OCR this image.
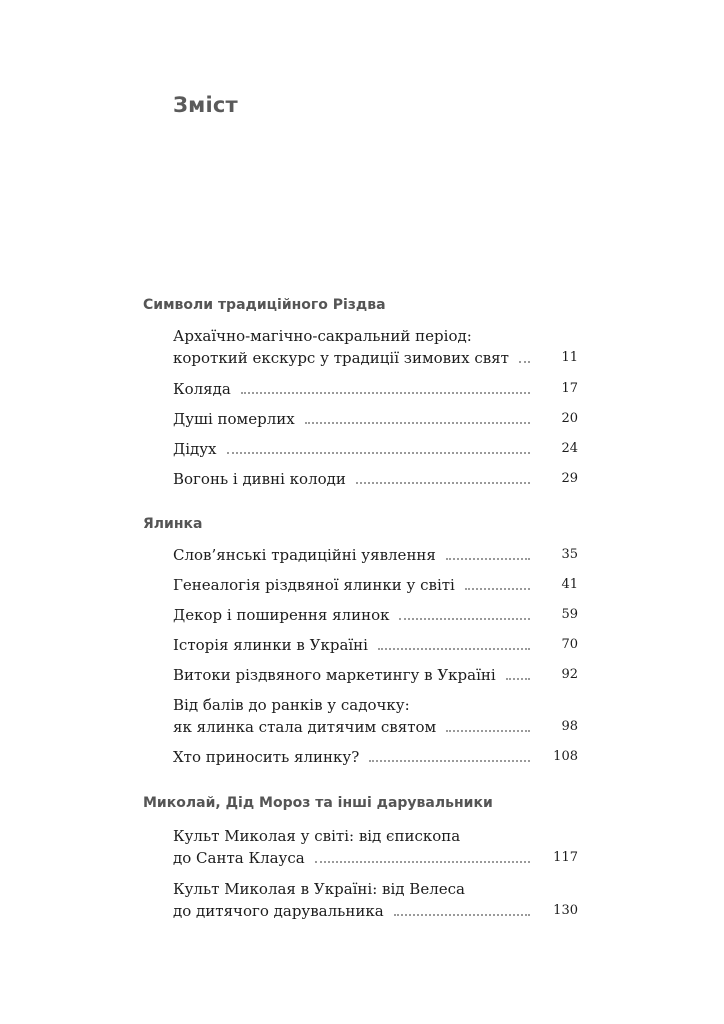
Зміст
Символи традиційного Різдва
Архаїчно-магічно-сакральний період:
короткий екскурс у традиції зимових свят	11
Коляда	17
Душі померлих	20
Дідух	24
Вогонь і дивні колоди	29
Ялинка
Слов’янські традиційні уявлення	35
Генеалогія різдвяної ялинки у світі	41
Декор і поширення ялинок	59
Історія ялинки в Україні	70
Витоки різдвяного маркетингу в Україні	92
Від балів до ранків у садочку:
як ялинка стала дитячим святом	98
Хто приносить ялинку?	108
Миколай, Дід Мороз та інші дарувальники
Культ Миколая у світі: від єпископа
до Санта Клауса	117
Культ Миколая в Україні: від Велеса
до дитячого дарувальника	130
